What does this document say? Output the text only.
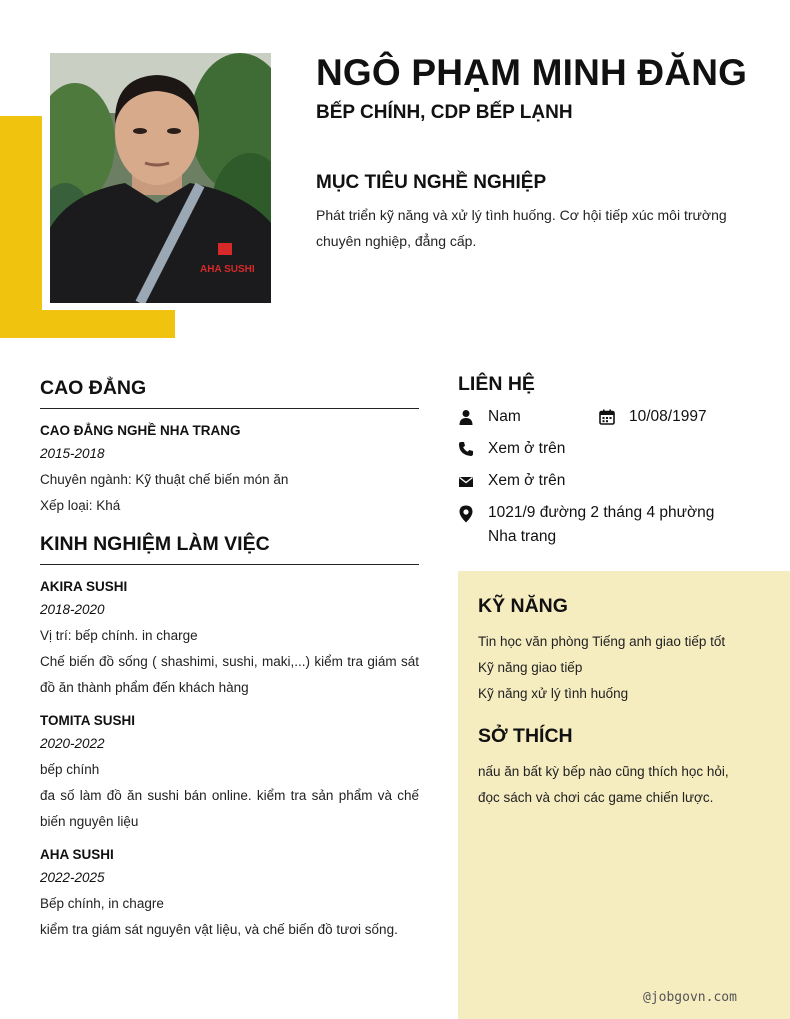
AHA SUSHI
NGÔ PHẠM MINH ĐĂNG
BẾP CHÍNH, CDP BẾP LẠNH
MỤC TIÊU NGHỀ NGHIỆP
Phát triển kỹ năng và xử lý tình huống. Cơ hội tiếp xúc môi trường chuyên nghiệp, đẳng cấp.
CAO ĐẲNG

CAO ĐẲNG NGHỀ NHA TRANG

2015-2018

Chuyên ngành: Kỹ thuật chế biến món ăn

Xếp loại: Khá

KINH NGHIỆM LÀM VIỆC

AKIRA SUSHI

2018-2020

Vị trí: bếp chính. in charge

Chế biến đồ sống ( shashimi, sushi, maki,...) kiểm tra giám sát đồ ăn thành phẩm đến khách hàng

TOMITA SUSHI

2020-2022

bếp chính

đa số làm đồ ăn sushi bán online. kiểm tra sản phẩm và chế biến nguyên liệu

AHA SUSHI

2022-2025

Bếp chính, in chagre

kiểm tra giám sát nguyên vật liệu, và chế biến đồ tươi sống.

LIÊN HỆ
Nam	10/08/1997
Xem ở trên
Xem ở trên
1021/9 đường 2 tháng 4 phường Nha trang
KỸ NĂNG

Tin học văn phòng Tiếng anh giao tiếp tốt

Kỹ năng giao tiếp

Kỹ năng xử lý tình huống

SỞ THÍCH

nấu ăn bất kỳ bếp nào cũng thích học hỏi, đọc sách và chơi các game chiến lược.

@jobgovn.com
